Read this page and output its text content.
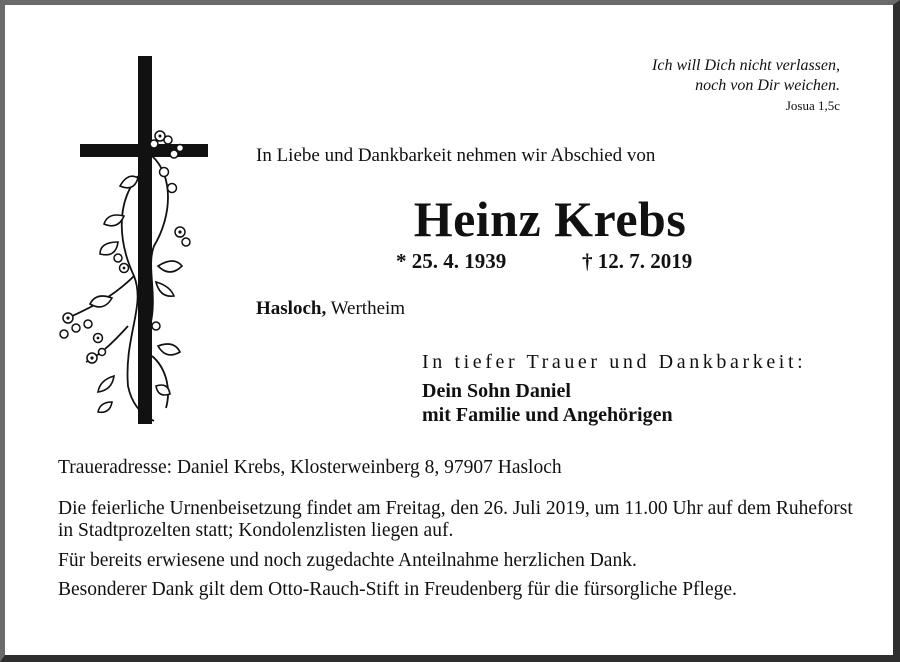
Ich will Dich nicht verlassen,
noch von Dir weichen.
Josua 1,5c
In Liebe und Dankbarkeit nehmen wir Abschied von
Heinz Krebs
* 25. 4. 1939	† 12. 7. 2019
Hasloch, Wertheim
In tiefer Trauer und Dankbarkeit:
Dein Sohn Daniel
mit Familie und Angehörigen
Traueradresse: Daniel Krebs, Klosterweinberg 8, 97907 Hasloch
Die feierliche Urnenbeisetzung findet am Freitag, den 26. Juli 2019, um 11.00 Uhr auf dem Ruheforst in Stadtprozelten statt; Kondolenzlisten liegen auf.
Für bereits erwiesene und noch zugedachte Anteilnahme herzlichen Dank.
Besonderer Dank gilt dem Otto-Rauch-Stift in Freudenberg für die fürsorgliche Pflege.
